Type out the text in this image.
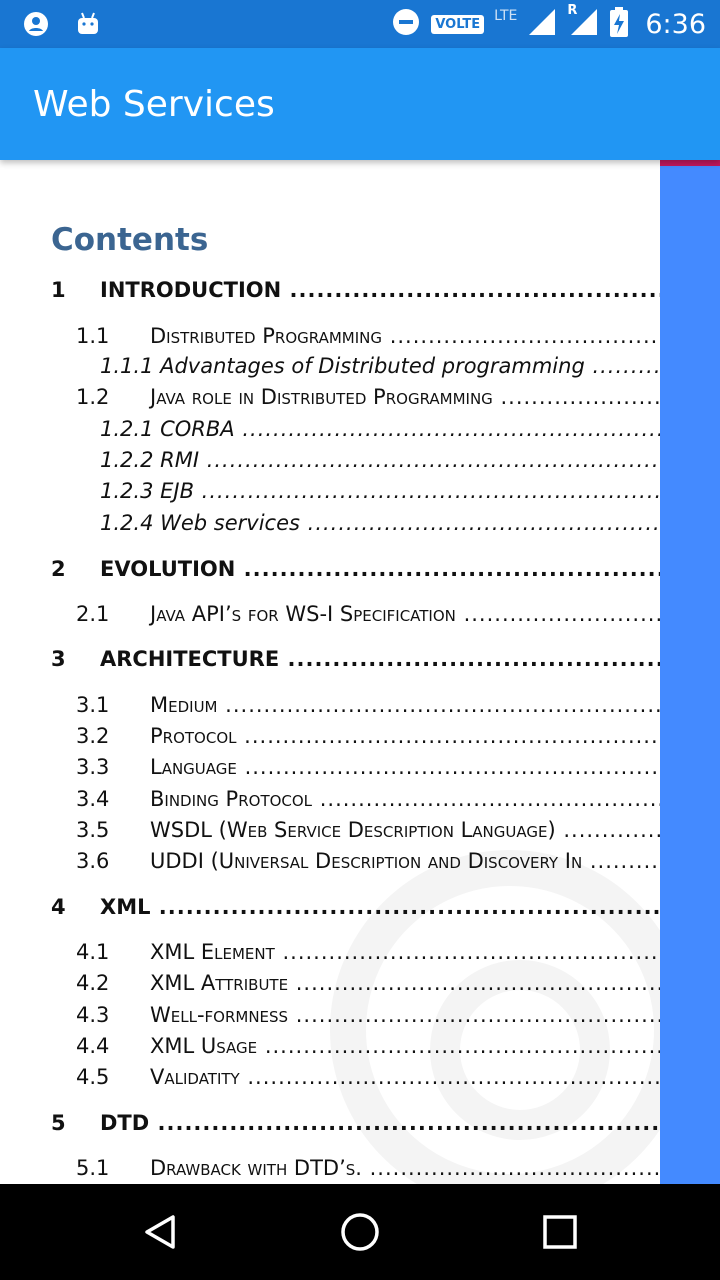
VOLTE LTE	R	6:36
Web Services
Contents
1 INTRODUCTION .....
1.1 Distributed Programming .....
1.1.1 Advantages of Distributed programming .....
1.2 Java role in Distributed Programming .....
1.2.1 CORBA .....
1.2.2 RMI .....
1.2.3 EJB .....
1.2.4 Web services .....
2 EVOLUTION .....
2.1 Java API’s for WS-I Specification .....
3 ARCHITECTURE .....
3.1 Medium .....
3.2 Protocol .....
3.3 Language .....
3.4 Binding Protocol .....
3.5 WSDL (Web Service Description Language) .....
3.6 UDDI (Universal Description and Discovery In .....
4 XML .....
4.1 XML Element .....
4.2 XML Attribute .....
4.3 Well-formness .....
4.4 XML Usage .....
4.5 Validatity .....
5 DTD .....
5.1 Drawback with DTD’s. .....
